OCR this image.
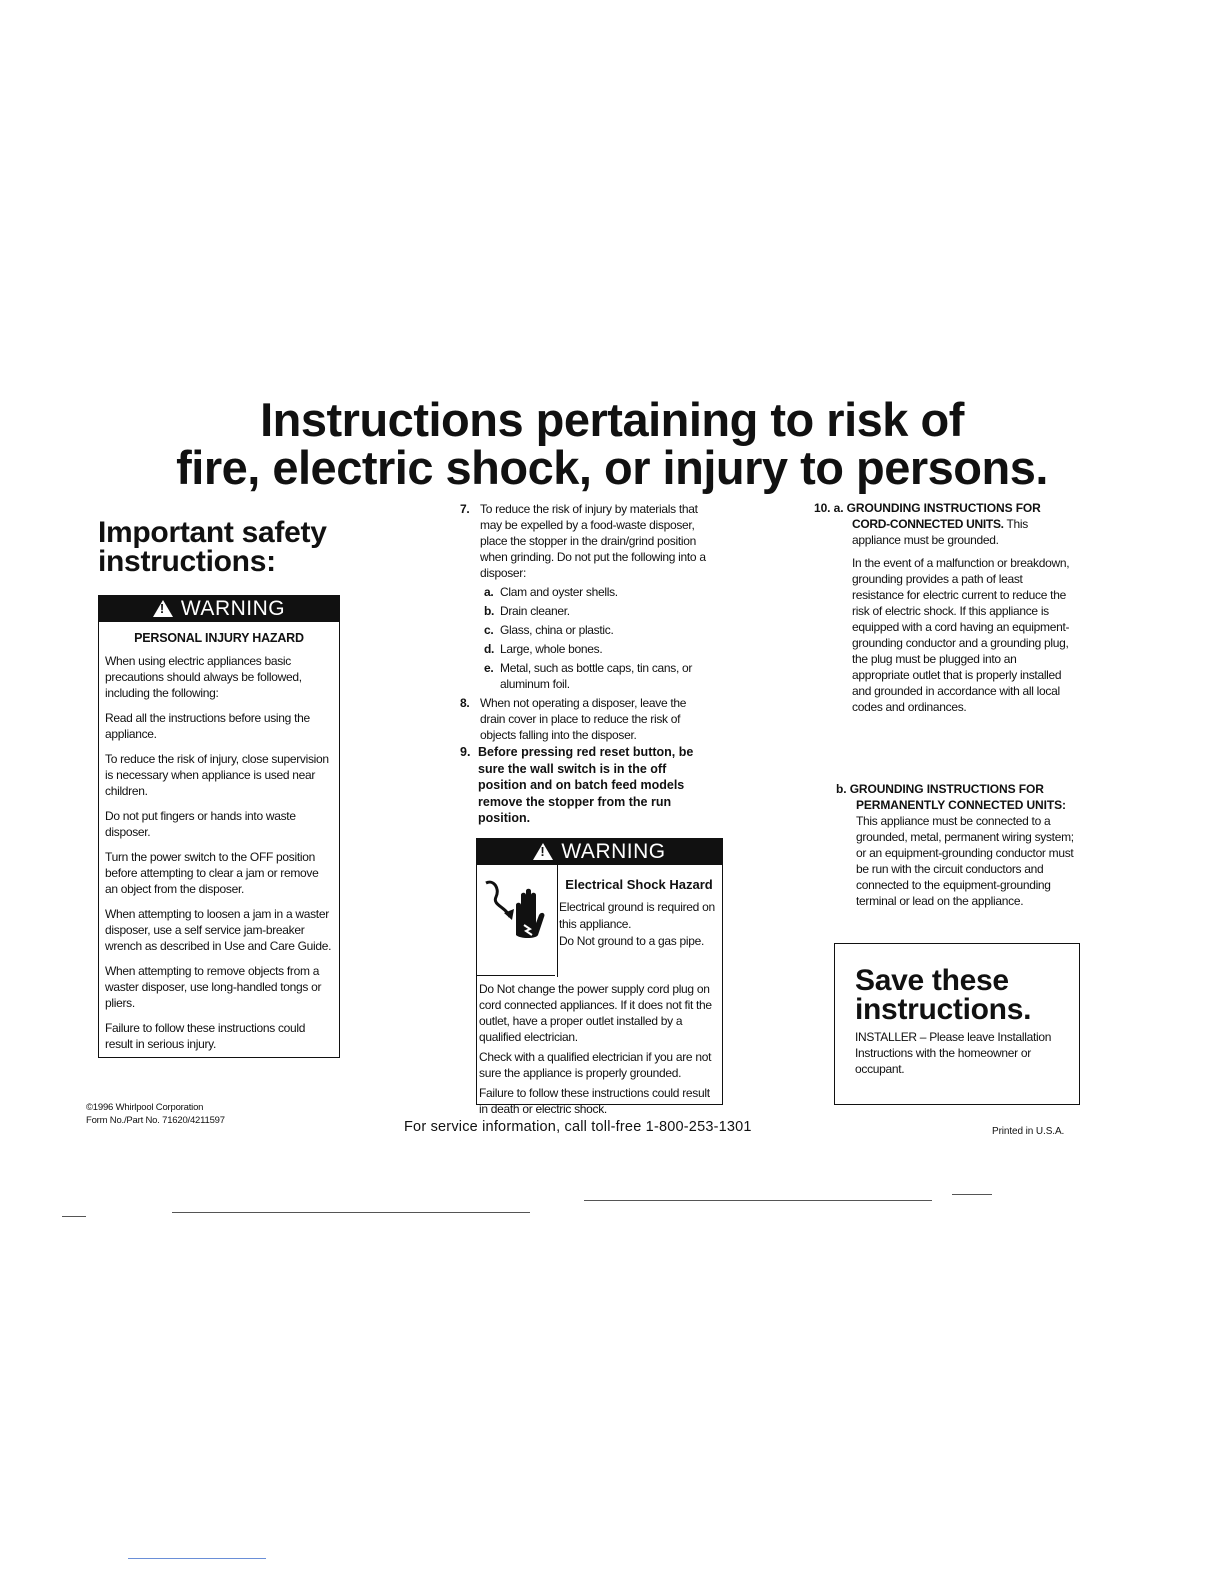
Instructions pertaining to risk of
fire, electric shock, or injury to persons.
Important safety instructions:
!WARNING
PERSONAL INJURY HAZARD

When using electric appliances basic precautions should always be followed, including the following:

Read all the instructions before using the appliance.

To reduce the risk of injury, close supervision is necessary when appliance is used near children.

Do not put fingers or hands into waste disposer.

Turn the power switch to the OFF position before attempting to clear a jam or remove an object from the disposer.

When attempting to loosen a jam in a waster disposer, use a self service jam-breaker wrench as described in Use and Care Guide.

When attempting to remove objects from a waster disposer, use long-handled tongs or pliers.

Failure to follow these instructions could result in serious injury.

©1996 Whirlpool Corporation
Form No./Part No. 71620/4211597
7. To reduce the risk of injury by materials that may be expelled by a food-waste disposer, place the stopper in the drain/grind position when grinding. Do not put the following into a disposer:
a. Clam and oyster shells.
b. Drain cleaner.
c. Glass, china or plastic.
d. Large, whole bones.
e. Metal, such as bottle caps, tin cans, or aluminum foil.
8. When not operating a disposer, leave the drain cover in place to reduce the risk of objects falling into the disposer.
9. Before pressing red reset button, be sure the wall switch is in the off position and on batch feed models remove the stopper from the run position.
!WARNING
Electrical Shock Hazard
Electrical ground is required on this appliance.
Do Not ground to a gas pipe.

Do Not change the power supply cord plug on cord connected appliances. If it does not fit the outlet, have a proper outlet installed by a qualified electrician.

Check with a qualified electrician if you are not sure the appliance is properly grounded.

Failure to follow these instructions could result in death or electric shock.

For service information, call toll-free 1-800-253-1301
10. a. GROUNDING INSTRUCTIONS FOR
CORD-CONNECTED UNITS. This appliance must be grounded.
In the event of a malfunction or breakdown, grounding provides a path of least resistance for electric current to reduce the risk of electric shock. If this appliance is equipped with a cord having an equipment-grounding conductor and a grounding plug, the plug must be plugged into an appropriate outlet that is properly installed and grounded in accordance with all local codes and ordinances.
b. GROUNDING INSTRUCTIONS FOR
PERMANENTLY CONNECTED UNITS:
This appliance must be connected to a grounded, metal, permanent wiring system; or an equipment-grounding conductor must be run with the circuit conductors and connected to the equipment-grounding terminal or lead on the appliance.
Save these instructions.
INSTALLER – Please leave Installation Instructions with the homeowner or occupant.
Printed in U.S.A.
